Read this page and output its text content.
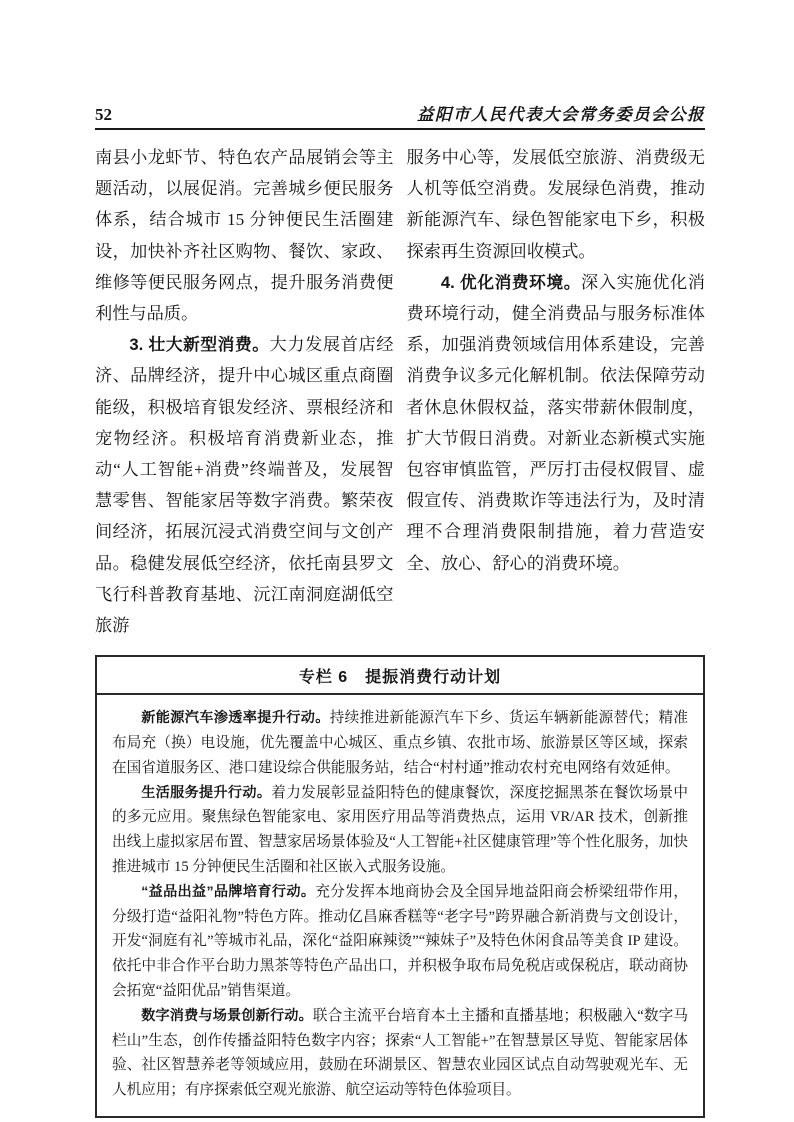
52	益阳市人民代表大会常务委员会公报

南县小龙虾节、特色农产品展销会等主题活动，以展促消。完善城乡便民服务体系，结合城市 15 分钟便民生活圈建设，加快补齐社区购物、餐饮、家政、维修等便民服务网点，提升服务消费便利性与品质。

3. 壮大新型消费。大力发展首店经济、品牌经济，提升中心城区重点商圈能级，积极培育银发经济、票根经济和宠物经济。积极培育消费新业态，推动“人工智能+消费”终端普及，发展智慧零售、智能家居等数字消费。繁荣夜间经济，拓展沉浸式消费空间与文创产品。稳健发展低空经济，依托南县罗文飞行科普教育基地、沅江南洞庭湖低空旅游

服务中心等，发展低空旅游、消费级无人机等低空消费。发展绿色消费，推动新能源汽车、绿色智能家电下乡，积极探索再生资源回收模式。

4. 优化消费环境。深入实施优化消费环境行动，健全消费品与服务标准体系，加强消费领域信用体系建设，完善消费争议多元化解机制。依法保障劳动者休息休假权益，落实带薪休假制度，扩大节假日消费。对新业态新模式实施包容审慎监管，严厉打击侵权假冒、虚假宣传、消费欺诈等违法行为，及时清理不合理消费限制措施，着力营造安全、放心、舒心的消费环境。

专栏 6　提振消费行动计划

新能源汽车渗透率提升行动。持续推进新能源汽车下乡、货运车辆新能源替代；精准布局充（换）电设施，优先覆盖中心城区、重点乡镇、农批市场、旅游景区等区域，探索在国省道服务区、港口建设综合供能服务站，结合“村村通”推动农村充电网络有效延伸。

生活服务提升行动。着力发展彰显益阳特色的健康餐饮，深度挖掘黑茶在餐饮场景中的多元应用。聚焦绿色智能家电、家用医疗用品等消费热点，运用 VR/AR 技术，创新推出线上虚拟家居布置、智慧家居场景体验及“人工智能+社区健康管理”等个性化服务，加快推进城市 15 分钟便民生活圈和社区嵌入式服务设施。

“益品出益”品牌培育行动。充分发挥本地商协会及全国异地益阳商会桥梁纽带作用，分级打造“益阳礼物”特色方阵。推动亿昌麻香糕等“老字号”跨界融合新消费与文创设计，开发“洞庭有礼”等城市礼品，深化“益阳麻辣烫”“辣妹子”及特色休闲食品等美食 IP 建设。依托中非合作平台助力黑茶等特色产品出口，并积极争取布局免税店或保税店，联动商协会拓宽“益阳优品”销售渠道。

数字消费与场景创新行动。联合主流平台培育本土主播和直播基地；积极融入“数字马栏山”生态，创作传播益阳特色数字内容；探索“人工智能+”在智慧景区导览、智能家居体验、社区智慧养老等领域应用，鼓励在环湖景区、智慧农业园区试点自动驾驶观光车、无人机应用；有序探索低空观光旅游、航空运动等特色体验项目。
